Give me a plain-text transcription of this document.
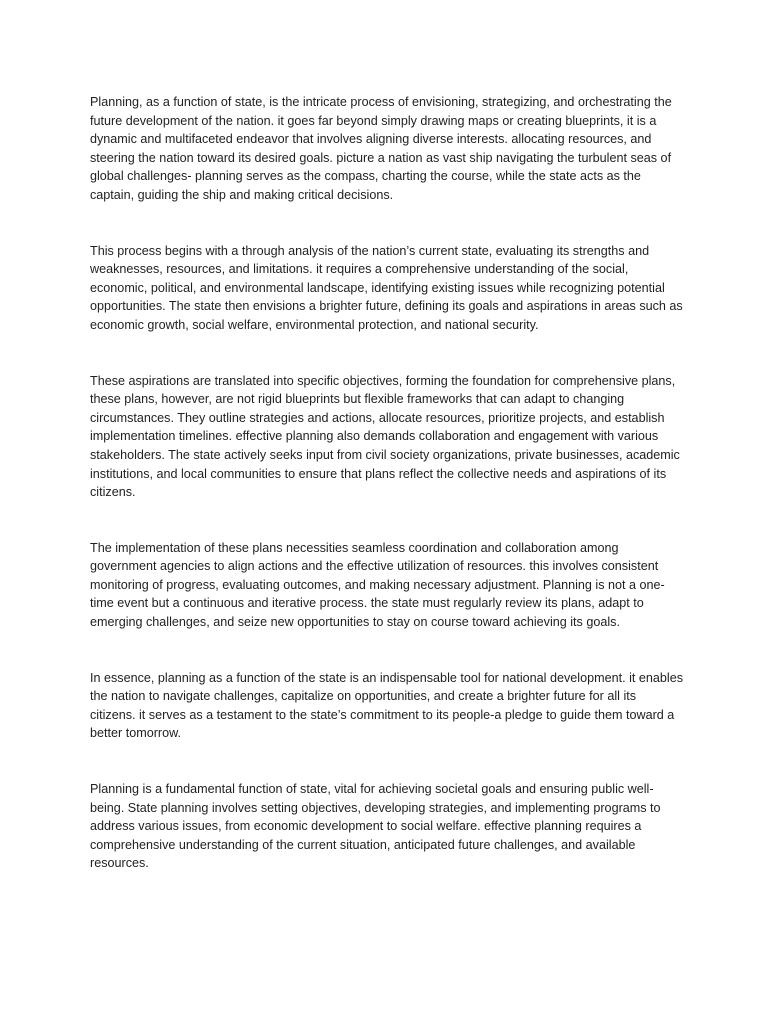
Planning, as a function of state, is the intricate process of envisioning, strategizing, and orchestrating the future development of the nation. it goes far beyond simply drawing maps or creating blueprints, it is a dynamic and multifaceted endeavor that involves aligning diverse interests. allocating resources, and steering the nation toward its desired goals. picture a nation as vast ship navigating the turbulent seas of global challenges- planning serves as the compass, charting the course, while the state acts as the captain, guiding the ship and making critical decisions.

This process begins with a through analysis of the nation’s current state, evaluating its strengths and weaknesses, resources, and limitations. it requires a comprehensive understanding of the social, economic, political, and environmental landscape, identifying existing issues while recognizing potential opportunities. The state then envisions a brighter future, defining its goals and aspirations in areas such as economic growth, social welfare, environmental protection, and national security.

These aspirations are translated into specific objectives, forming the foundation for comprehensive plans, these plans, however, are not rigid blueprints but flexible frameworks that can adapt to changing circumstances. They outline strategies and actions, allocate resources, prioritize projects, and establish implementation timelines. effective planning also demands collaboration and engagement with various stakeholders. The state actively seeks input from civil society organizations, private businesses, academic institutions, and local communities to ensure that plans reflect the collective needs and aspirations of its citizens.

The implementation of these plans necessities seamless coordination and collaboration among government agencies to align actions and the effective utilization of resources. this involves consistent monitoring of progress, evaluating outcomes, and making necessary adjustment. Planning is not a one-time event but a continuous and iterative process. the state must regularly review its plans, adapt to emerging challenges, and seize new opportunities to stay on course toward achieving its goals.

In essence, planning as a function of the state is an indispensable tool for national development. it enables the nation to navigate challenges, capitalize on opportunities, and create a brighter future for all its citizens. it serves as a testament to the state’s commitment to its people-a pledge to guide them toward a better tomorrow.

Planning is a fundamental function of state, vital for achieving societal goals and ensuring public well-being. State planning involves setting objectives, developing strategies, and implementing programs to address various issues, from economic development to social welfare. effective planning requires a comprehensive understanding of the current situation, anticipated future challenges, and available resources.
